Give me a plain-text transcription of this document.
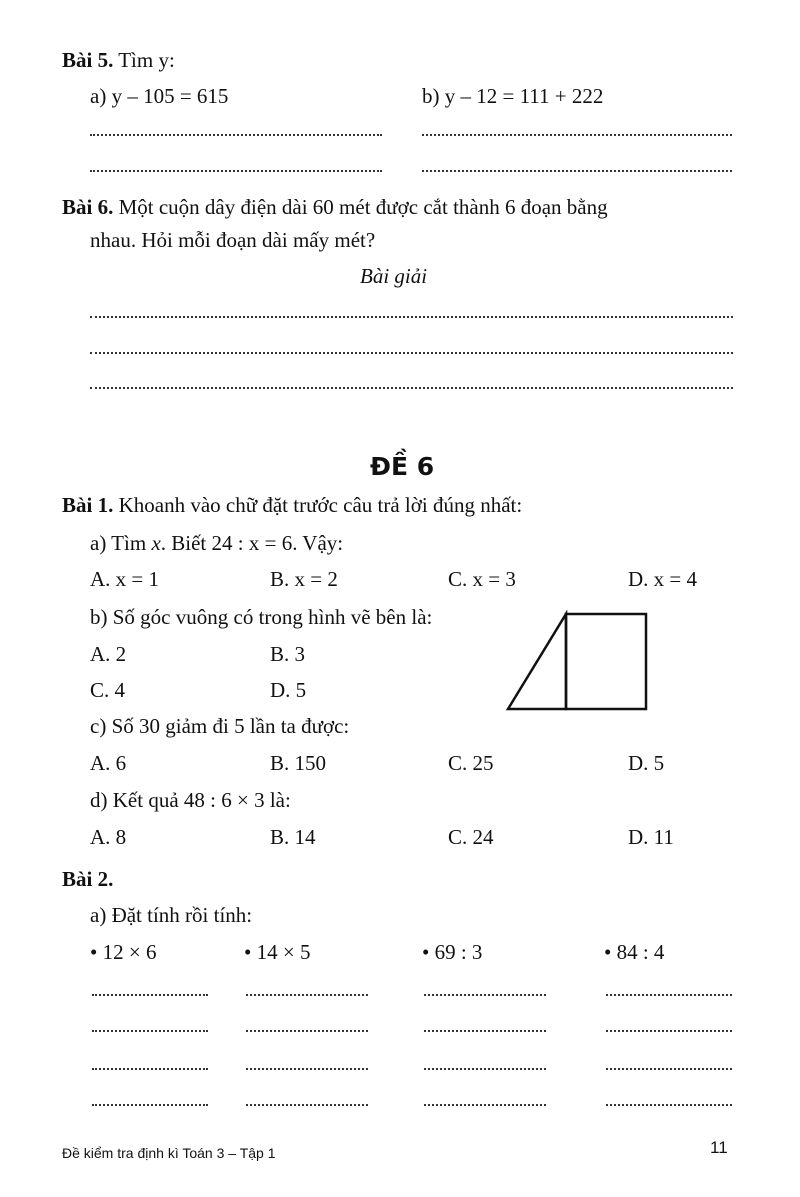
Bài 5. Tìm y:
a) y – 105 = 615	b) y – 12 = 111 + 222
Bài 6. Một cuộn dây điện dài 60 mét được cắt thành 6 đoạn bằng
nhau. Hỏi mỗi đoạn dài mấy mét?
Bài giải
ĐỀ 6
Bài 1. Khoanh vào chữ đặt trước câu trả lời đúng nhất:
a) Tìm x. Biết 24 : x = 6. Vậy:
A. x = 1	B. x = 2	C. x = 3	D. x = 4
b) Số góc vuông có trong hình vẽ bên là:
A. 2	B. 3
C. 4	D. 5
c) Số 30 giảm đi 5 lần ta được:
A. 6	B. 150	C. 25	D. 5
d) Kết quả 48 : 6 × 3 là:
A. 8	B. 14	C. 24	D. 11
Bài 2.
a) Đặt tính rồi tính:
• 12 × 6	• 14 × 5	• 69 : 3	• 84 : 4
Đề kiểm tra định kì Toán 3 – Tập 1	11
